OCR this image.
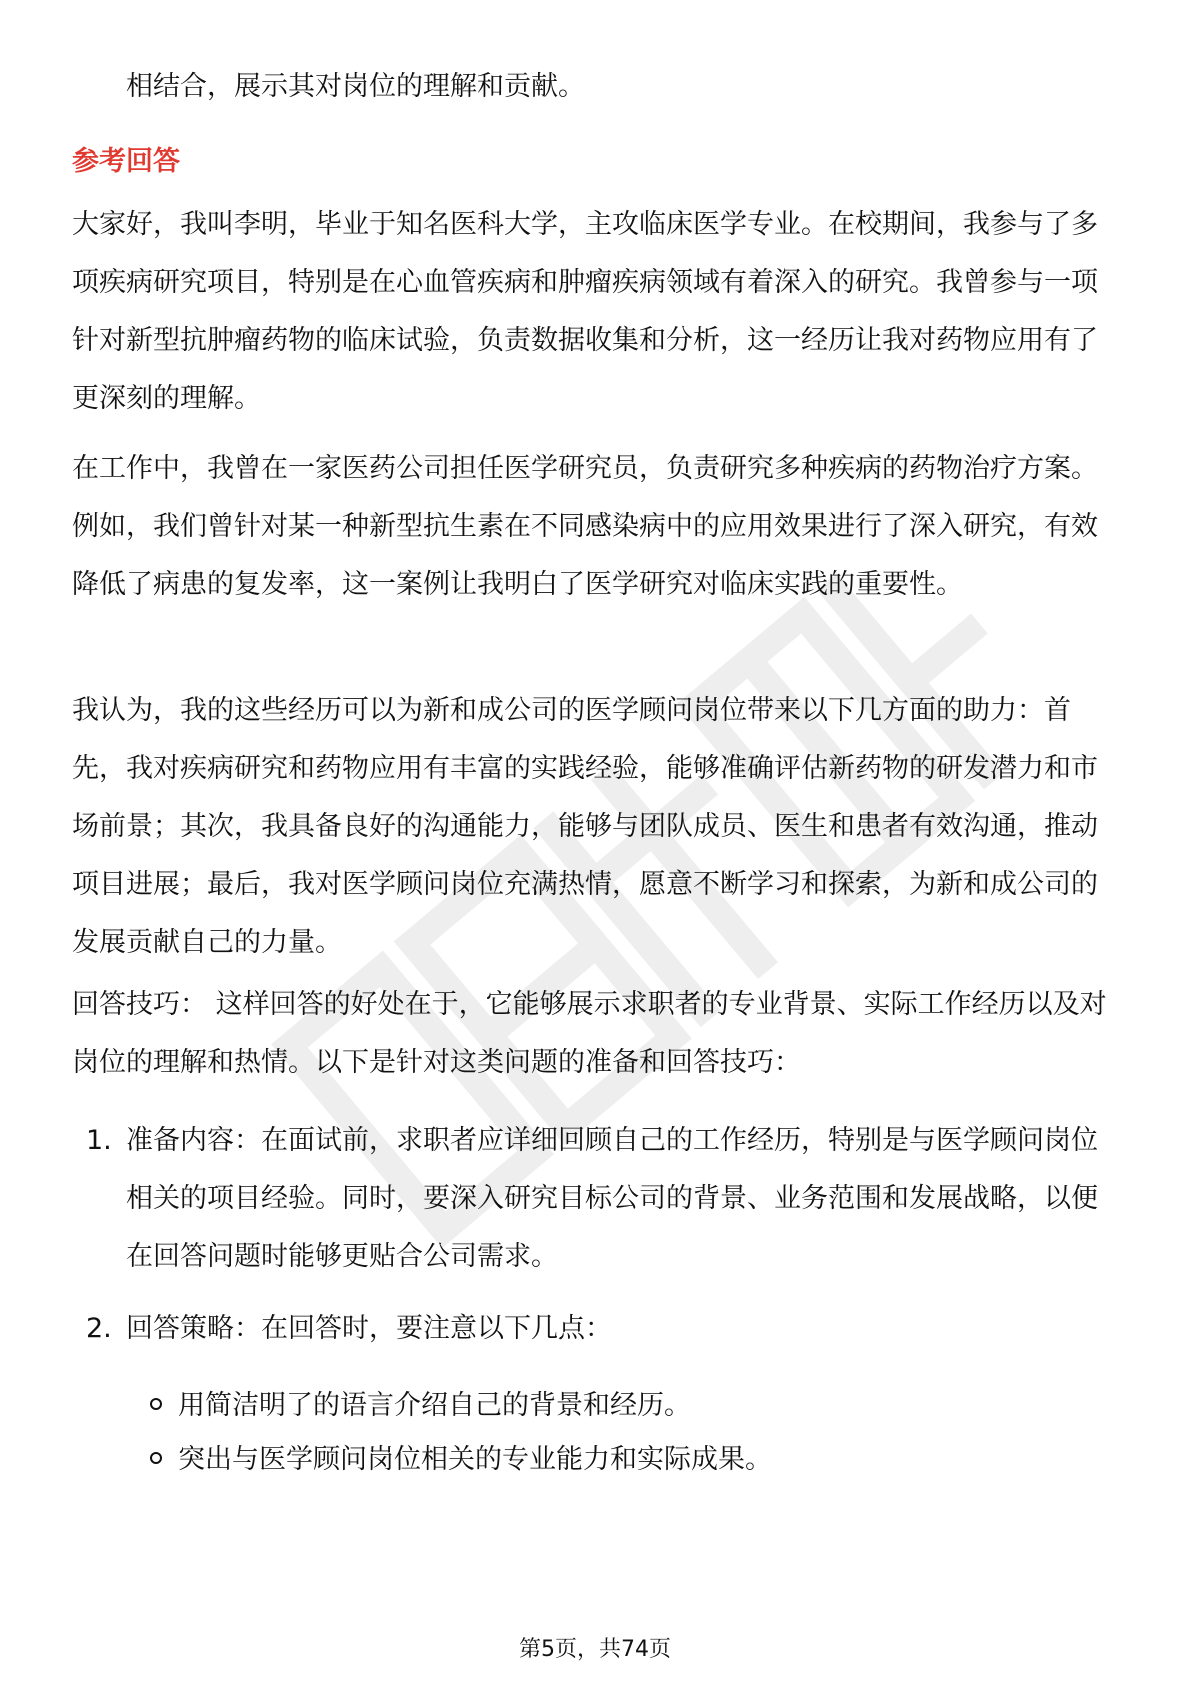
相结合，展示其对岗位的理解和贡献。

参考回答

大家好，我叫李明，毕业于知名医科大学，主攻临床医学专业。在校期间，我参与了多项疾病研究项目，特别是在心血管疾病和肿瘤疾病领域有着深入的研究。我曾参与一项针对新型抗肿瘤药物的临床试验，负责数据收集和分析，这一经历让我对药物应用有了更深刻的理解。

在工作中，我曾在一家医药公司担任医学研究员，负责研究多种疾病的药物治疗方案。例如，我们曾针对某一种新型抗生素在不同感染病中的应用效果进行了深入研究，有效降低了病患的复发率，这一案例让我明白了医学研究对临床实践的重要性。

我认为，我的这些经历可以为新和成公司的医学顾问岗位带来以下几方面的助力：首先，我对疾病研究和药物应用有丰富的实践经验，能够准确评估新药物的研发潜力和市场前景；其次，我具备良好的沟通能力，能够与团队成员、医生和患者有效沟通，推动项目进展；最后，我对医学顾问岗位充满热情，愿意不断学习和探索，为新和成公司的发展贡献自己的力量。

回答技巧： 这样回答的好处在于，它能够展示求职者的专业背景、实际工作经历以及对岗位的理解和热情。以下是针对这类问题的准备和回答技巧：

1. 准备内容：在面试前，求职者应详细回顾自己的工作经历，特别是与医学顾问岗位相关的项目经验。同时，要深入研究目标公司的背景、业务范围和发展战略，以便在回答问题时能够更贴合公司需求。
2. 回答策略：在回答时，要注意以下几点：
用简洁明了的语言介绍自己的背景和经历。
突出与医学顾问岗位相关的专业能力和实际成果。
第5页，共74页
